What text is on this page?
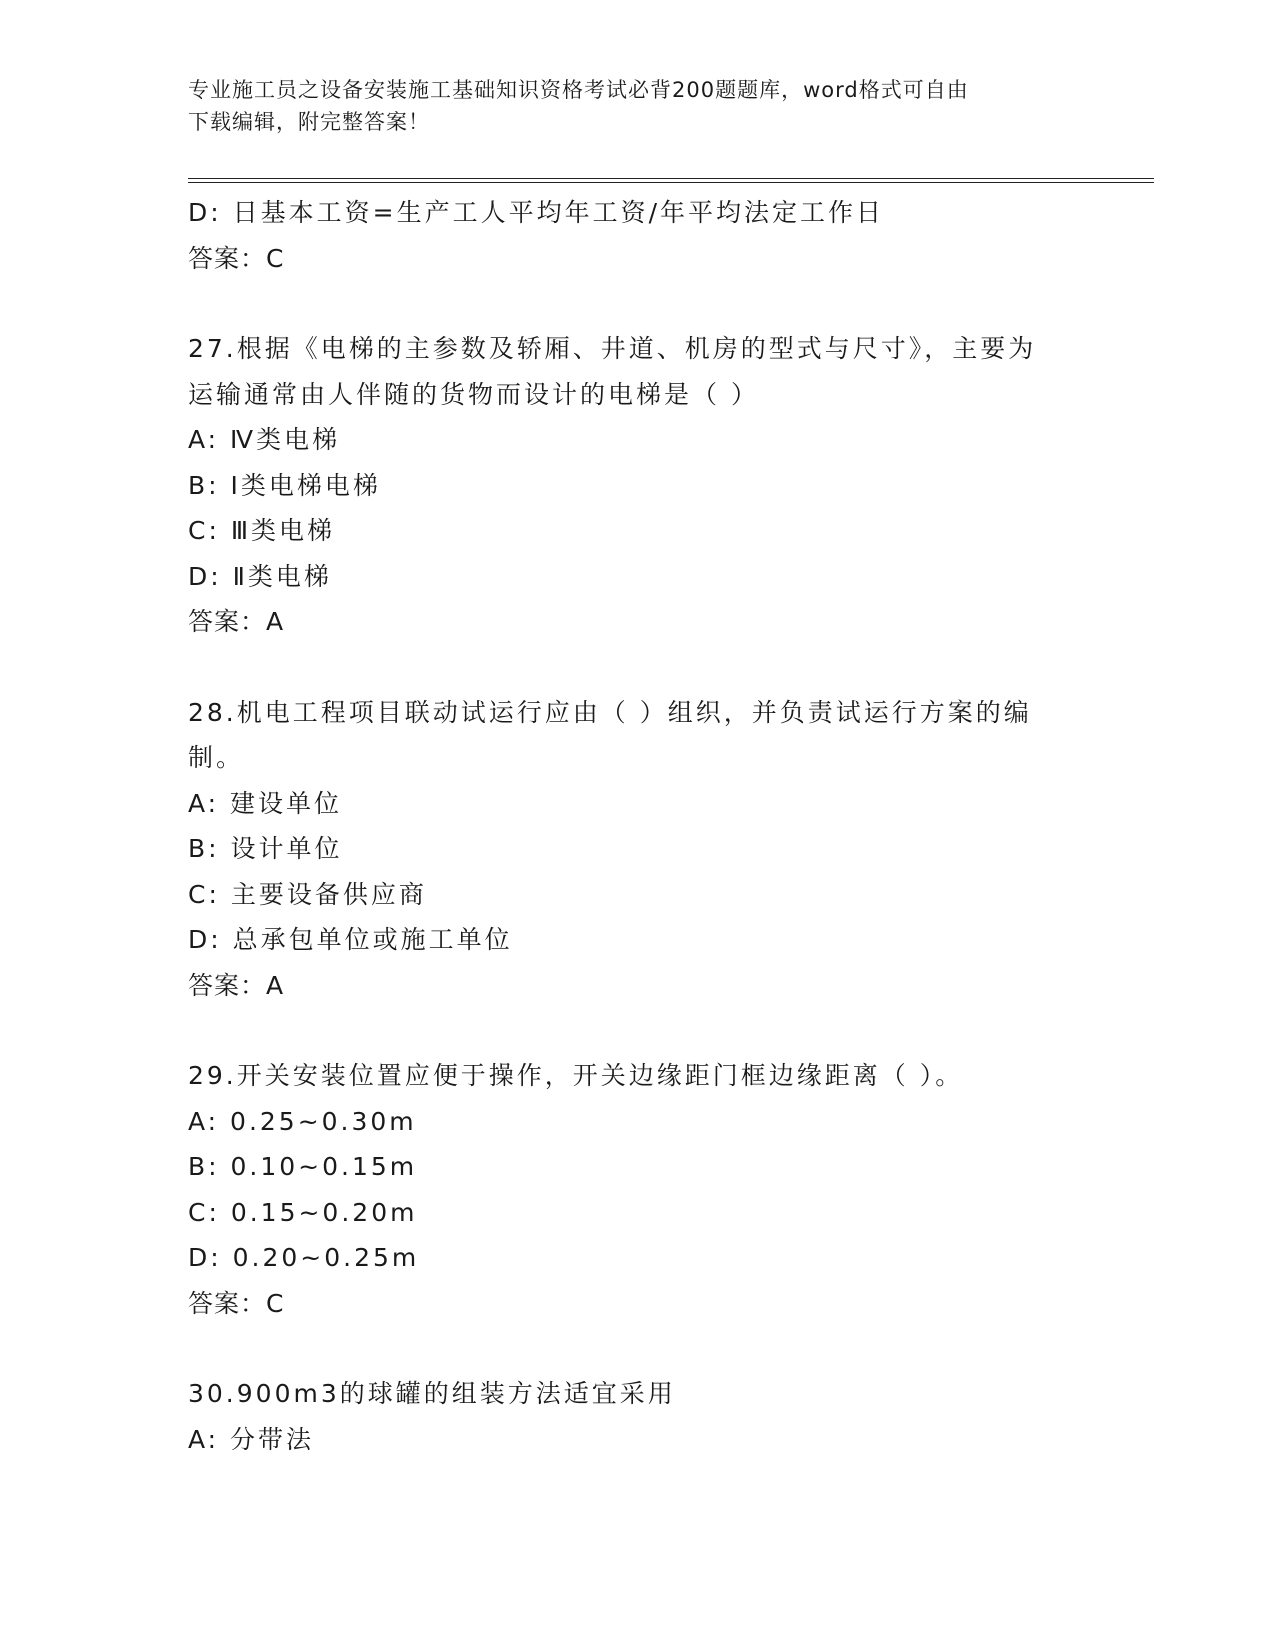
专业施工员之设备安装施工基础知识资格考试必背200题题库，word格式可自由
下载编辑，附完整答案！
D: 日基本工资=生产工人平均年工资/年平均法定工作日
答案：C
27.根据《电梯的主参数及轿厢、井道、机房的型式与尺寸》，主要为
运输通常由人伴随的货物而设计的电梯是（ ）
A: Ⅳ类电梯
B: Ⅰ类电梯电梯
C: Ⅲ类电梯
D: Ⅱ类电梯
答案：A
28.机电工程项目联动试运行应由（ ）组织，并负责试运行方案的编
制。
A: 建设单位
B: 设计单位
C: 主要设备供应商
D: 总承包单位或施工单位
答案：A
29.开关安装位置应便于操作，开关边缘距门框边缘距离（ ）。
A: 0.25~0.30m
B: 0.10~0.15m
C: 0.15~0.20m
D: 0.20~0.25m
答案：C
30.900m3的球罐的组装方法适宜采用
A: 分带法
